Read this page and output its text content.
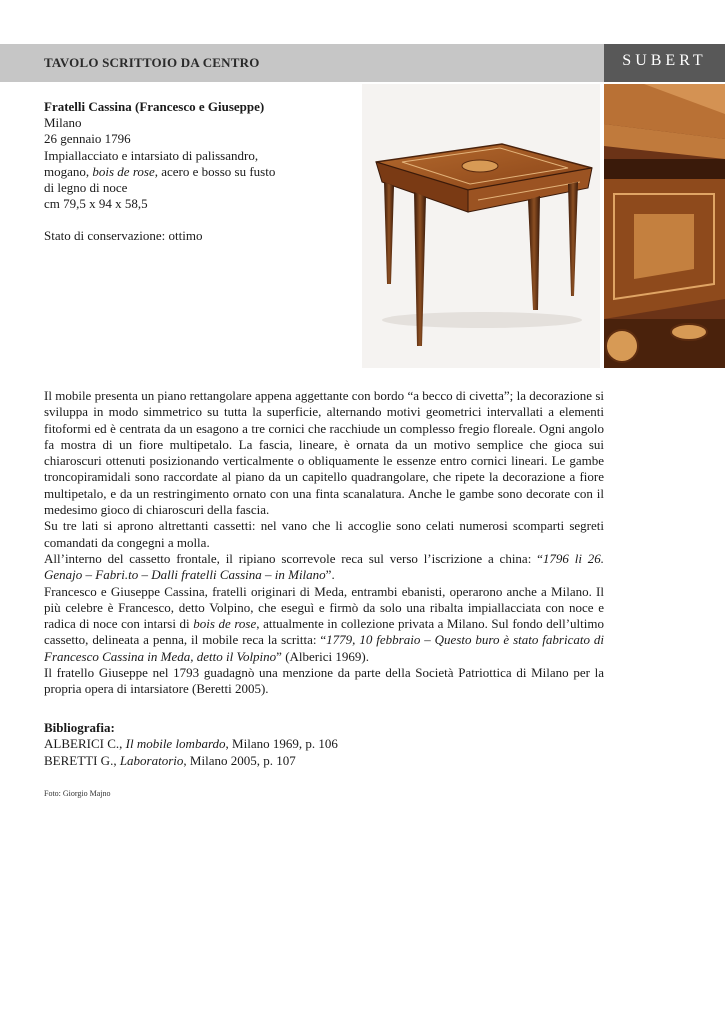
TAVOLO SCRITTOIO DA CENTRO	SUBERT
Fratelli Cassina (Francesco e Giuseppe)
Milano
26 gennaio 1796
Impiallacciato e intarsiato di palissandro,
mogano, bois de rose, acero e bosso su fusto
di legno di noce
cm 79,5 x 94 x 58,5
Stato di conservazione: ottimo

Il mobile presenta un piano rettangolare appena aggettante con bordo “a becco di civetta”; la decorazione si sviluppa in modo simmetrico su tutta la superficie, alternando motivi geometrici intervallati a elementi fitoformi ed è centrata da un esagono a tre cornici che racchiude un complesso fregio floreale. Ogni angolo fa mostra di un fiore multipetalo. La fascia, lineare, è ornata da un motivo semplice che gioca sui chiaroscuri ottenuti posizionando verticalmente o obliquamente le essenze entro cornici lineari. Le gambe troncopiramidali sono raccordate al piano da un capitello quadrangolare, che ripete la decorazione a fiore multipetalo, e da un restringimento ornato con una finta scanalatura. Anche le gambe sono decorate con il medesimo gioco di chiaroscuri della fascia.

Su tre lati si aprono altrettanti cassetti: nel vano che li accoglie sono celati numerosi scomparti segreti comandati da congegni a molla.

All’interno del cassetto frontale, il ripiano scorrevole reca sul verso l’iscrizione a china: “1796 li 26. Genajo – Fabri.to – Dalli fratelli Cassina – in Milano”.

Francesco e Giuseppe Cassina, fratelli originari di Meda, entrambi ebanisti, operarono anche a Milano. Il più celebre è Francesco, detto Volpino, che eseguì e firmò da solo una ribalta impiallacciata con noce e radica di noce con intarsi di bois de rose, attualmente in collezione privata a Milano. Sul fondo dell’ultimo cassetto, delineata a penna, il mobile reca la scritta: “1779, 10 febbraio – Questo buro è stato fabricato di Francesco Cassina in Meda, detto il Volpino” (Alberici 1969).

Il fratello Giuseppe nel 1793 guadagnò una menzione da parte della Società Patriottica di Milano per la propria opera di intarsiatore (Beretti 2005).

Bibliografia:
ALBERICI C., Il mobile lombardo, Milano 1969, p. 106
BERETTI G., Laboratorio, Milano 2005, p. 107
Foto: Giorgio Majno
